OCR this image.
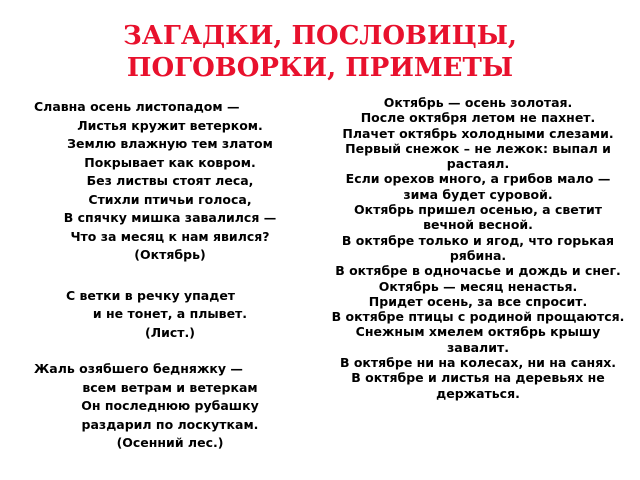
ЗАГАДКИ, ПОСЛОВИЦЫ,
ПОГОВОРКИ, ПРИМЕТЫ
Славна осень листопадом —
Листья кружит ветерком.
Землю влажную тем златом
Покрывает как ковром.
Без листвы стоят леса,
Стихли птичьи голоса,
В спячку мишка завалился —
Что за месяц к нам явился?
(Октябрь)
С ветки в речку упадет
и не тонет, а плывет.
(Лист.)
Жаль озябшего бедняжку —
всем ветрам и ветеркам
Он последнюю рубашку
раздарил по лоскуткам.
(Осенний лес.)
Октябрь — осень золотая.
После октября летом не пахнет.
Плачет октябрь холодными слезами.
Первый снежок – не лежок: выпал и растаял.
Если орехов много, а грибов мало — зима будет суровой.
Октябрь пришел осенью, а светит вечной весной.
В октябре только и ягод, что горькая рябина.
В октябре в одночасье и дождь и снег.
Октябрь — месяц ненастья.
Придет осень, за все спросит.
В октябре птицы с родиной прощаются.
Снежным хмелем октябрь крышу завалит.
В октябре ни на колесах, ни на санях.
В октябре и листья на деревьях не держаться.
